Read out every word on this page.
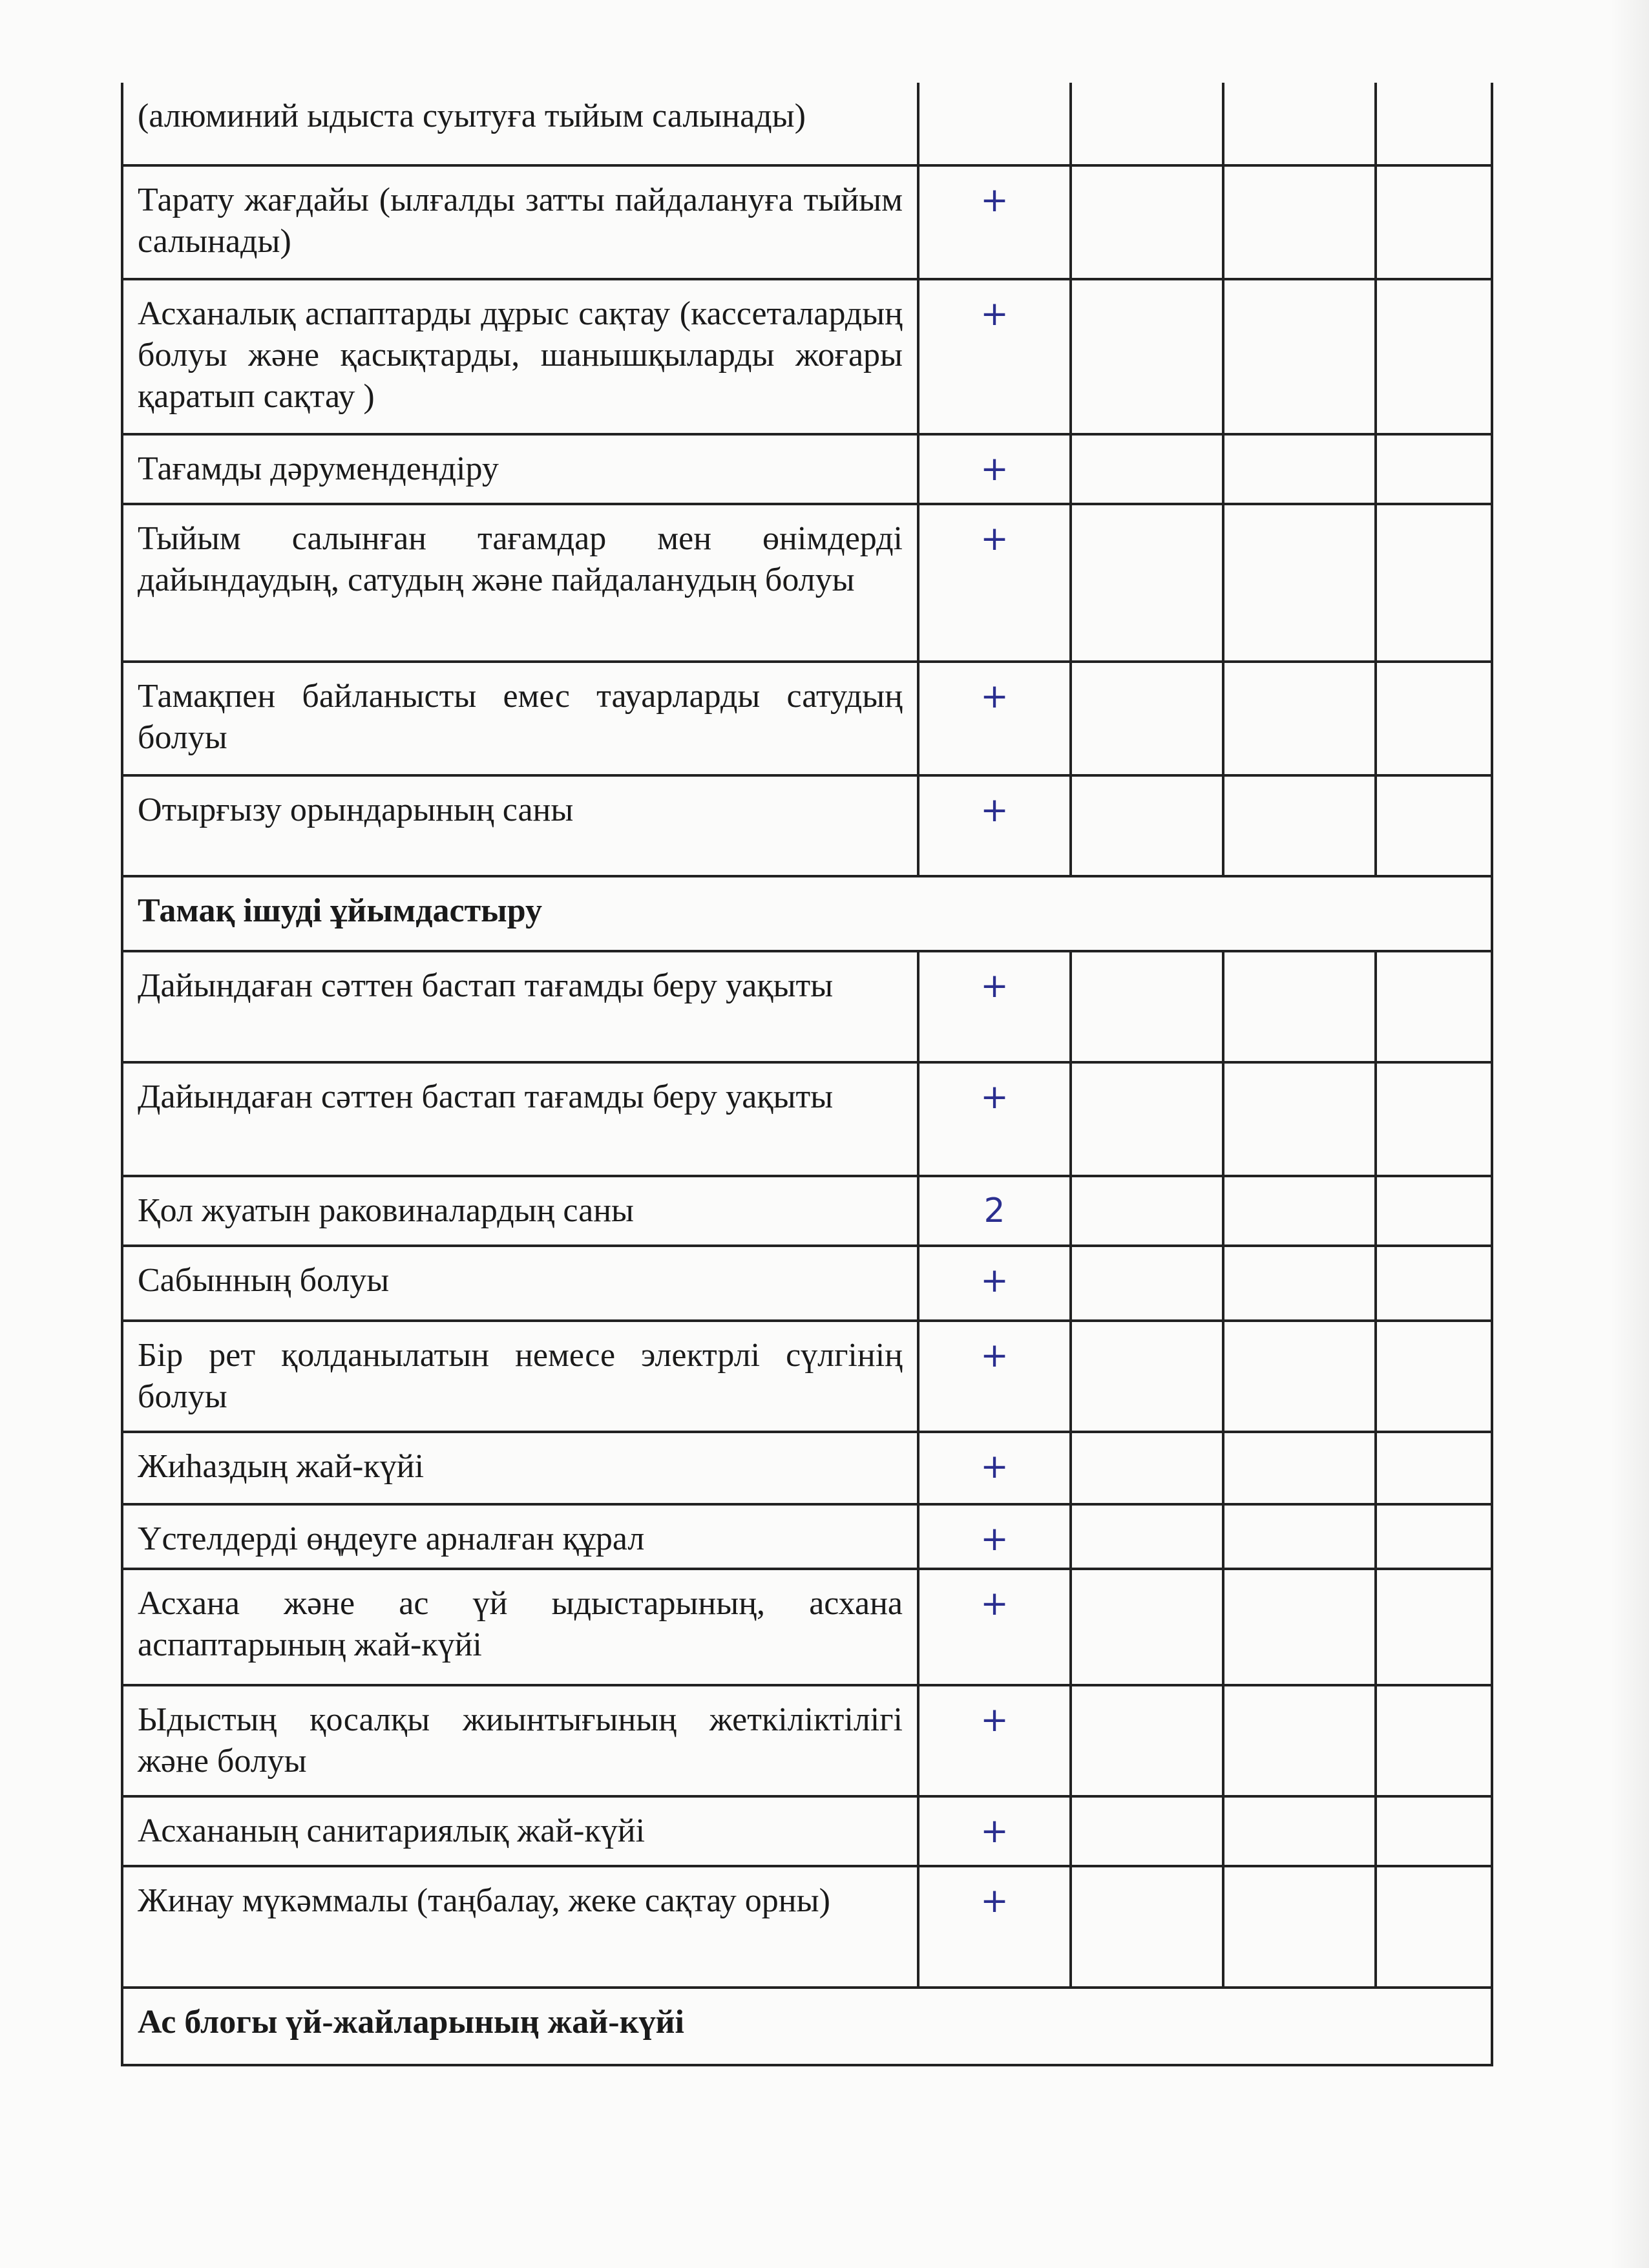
(алюминий ыдыста суытуға тыйым салынады)				
Тарату жағдайы (ылғалды затты пайдалануға тыйым салынады)	+			
Асханалық аспаптарды дұрыс сақтау (кассеталардың болуы және қасықтарды, шанышқыларды жоғары қаратып сақтау )	+			
Тағамды дәрумендендіру	+			
Тыйым салынған тағамдар мен өнімдерді дайындаудың, сатудың және пайдаланудың болуы	+			
Тамақпен байланысты емес тауарларды сатудың болуы	+			
Отырғызу орындарының саны	+			
Тамақ ішуді ұйымдастыру				
Дайындаған сәттен бастап тағамды беру уақыты	+			
Дайындаған сәттен бастап тағамды беру уақыты	+			
Қол жуатын раковиналардың саны	2			
Сабынның болуы	+			
Бір рет қолданылатын немесе электрлі сүлгінің болуы	+			
Жиһаздың жай-күйі	+			
Үстелдерді өңдеуге арналған құрал	+			
Асхана және ас үй ыдыстарының, асхана аспаптарының жай-күйі	+			
Ыдыстың қосалқы жиынтығының жеткіліктілігі және болуы	+			
Асхананың санитариялық жай-күйі	+			
Жинау мүкәммалы (таңбалау, жеке сақтау орны)	+			
Ас блогы үй-жайларының жай-күйі				
